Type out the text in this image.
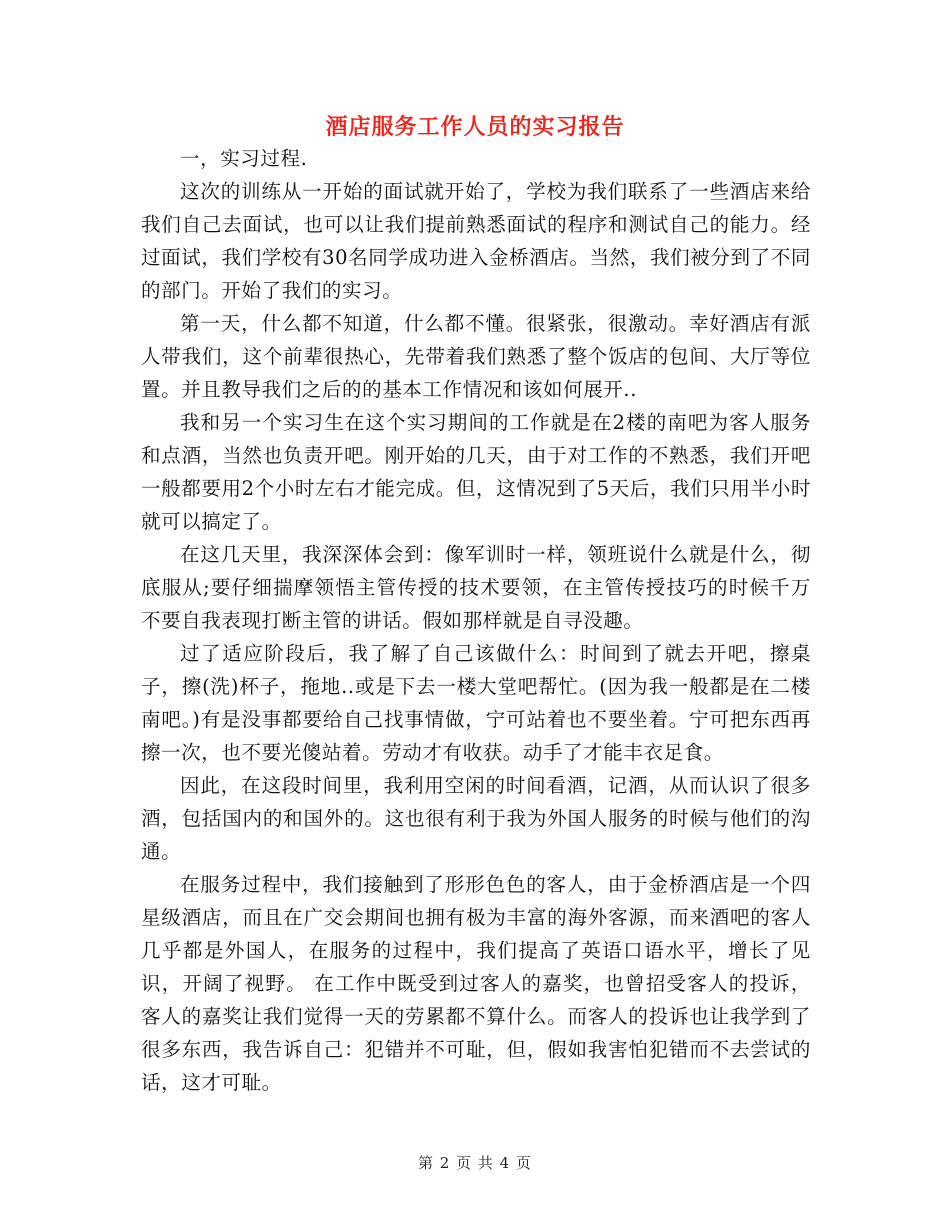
酒店服务工作人员的实习报告

一，实习过程.

这次的训练从一开始的面试就开始了，学校为我们联系了一些酒店来给我们自己去面试，也可以让我们提前熟悉面试的程序和测试自己的能力。经过面试，我们学校有30名同学成功进入金桥酒店。当然，我们被分到了不同的部门。开始了我们的实习。

第一天，什么都不知道，什么都不懂。很紧张，很激动。幸好酒店有派人带我们，这个前辈很热心，先带着我们熟悉了整个饭店的包间、大厅等位置。并且教导我们之后的的基本工作情况和该如何展开..

我和另一个实习生在这个实习期间的工作就是在2楼的南吧为客人服务和点酒，当然也负责开吧。刚开始的几天，由于对工作的不熟悉，我们开吧一般都要用2个小时左右才能完成。但，这情况到了5天后，我们只用半小时就可以搞定了。

在这几天里，我深深体会到：像军训时一样，领班说什么就是什么，彻底服从;要仔细揣摩领悟主管传授的技术要领，在主管传授技巧的时候千万不要自我表现打断主管的讲话。假如那样就是自寻没趣。

过了适应阶段后，我了解了自己该做什么：时间到了就去开吧，擦桌子，擦(洗)杯子，拖地..或是下去一楼大堂吧帮忙。(因为我一般都是在二楼南吧。)有是没事都要给自己找事情做，宁可站着也不要坐着。宁可把东西再擦一次，也不要光傻站着。劳动才有收获。动手了才能丰衣足食。

因此，在这段时间里，我利用空闲的时间看酒，记酒，从而认识了很多酒，包括国内的和国外的。这也很有利于我为外国人服务的时候与他们的沟通。

在服务过程中，我们接触到了形形色色的客人，由于金桥酒店是一个四星级酒店，而且在广交会期间也拥有极为丰富的海外客源，而来酒吧的客人几乎都是外国人，在服务的过程中，我们提高了英语口语水平，增长了见识，开阔了视野。 在工作中既受到过客人的嘉奖，也曾招受客人的投诉，客人的嘉奖让我们觉得一天的劳累都不算什么。而客人的投诉也让我学到了很多东西，我告诉自己：犯错并不可耻，但，假如我害怕犯错而不去尝试的话，这才可耻。

第 2 页 共 4 页
